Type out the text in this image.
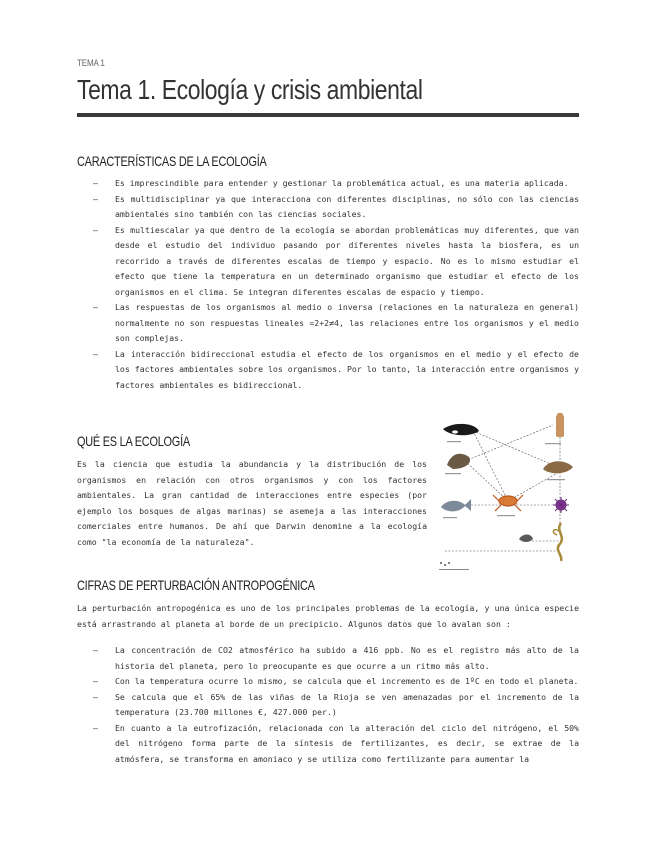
TEMA 1
Tema 1. Ecología y crisis ambiental
CARACTERÍSTICAS DE LA ECOLOGÍA
– Es imprescindible para entender y gestionar la problemática actual, es una materia aplicada.
– Es multidisciplinar ya que interacciona con diferentes disciplinas, no sólo con las ciencias ambientales sino también con las ciencias sociales.
– Es multiescalar ya que dentro de la ecología se abordan problemáticas muy diferentes, que van desde el estudio del individuo pasando por diferentes niveles hasta la biosfera, es un recorrido a través de diferentes escalas de tiempo y espacio. No es lo mismo estudiar el efecto que tiene la temperatura en un determinado organismo que estudiar el efecto de los organismos en el clima. Se integran diferentes escalas de espacio y tiempo.
– Las respuestas de los organismos al medio o inversa (relaciones en la naturaleza en general) normalmente no son respuestas lineales =2+2≠4, las relaciones entre los organismos y el medio son complejas.
– La interacción bidireccional estudia el efecto de los organismos en el medio y el efecto de los factores ambientales sobre los organismos. Por lo tanto, la interacción entre organismos y factores ambientales es bidireccional.
QUÉ ES LA ECOLOGÍA

Es la ciencia que estudia la abundancia y la distribución de los organismos en relación con otros organismos y con los factores ambientales. La gran cantidad de interacciones entre especies (por ejemplo los bosques de algas marinas) se asemeja a las interacciones comerciales entre humanos. De ahí que Darwin denomine a la ecología como "la economía de la naturaleza".

CIFRAS DE PERTURBACIÓN ANTROPOGÉNICA

La perturbación antropogénica es uno de los principales problemas de la ecología, y una única especie está arrastrando al planeta al borde de un precipicio. Algunos datos que lo avalan son :

– La concentración de CO2 atmosférico ha subido a 416 ppb. No es el registro más alto de la historia del planeta, pero lo preocupante es que ocurre a un ritmo más alto.
– Con la temperatura ocurre lo mismo, se calcula que el incremento es de 1ºC en todo el planeta.
– Se calcula que el 65% de las viñas de la Rioja se ven amenazadas por el incremento de la temperatura (23.700 millones €, 427.000 per.)
– En cuanto a la eutrofización, relacionada con la alteración del ciclo del nitrógeno, el 50% del nitrógeno forma parte de la síntesis de fertilizantes, es decir, se extrae de la atmósfera, se transforma en amoniaco y se utiliza como fertilizante para aumentar la
